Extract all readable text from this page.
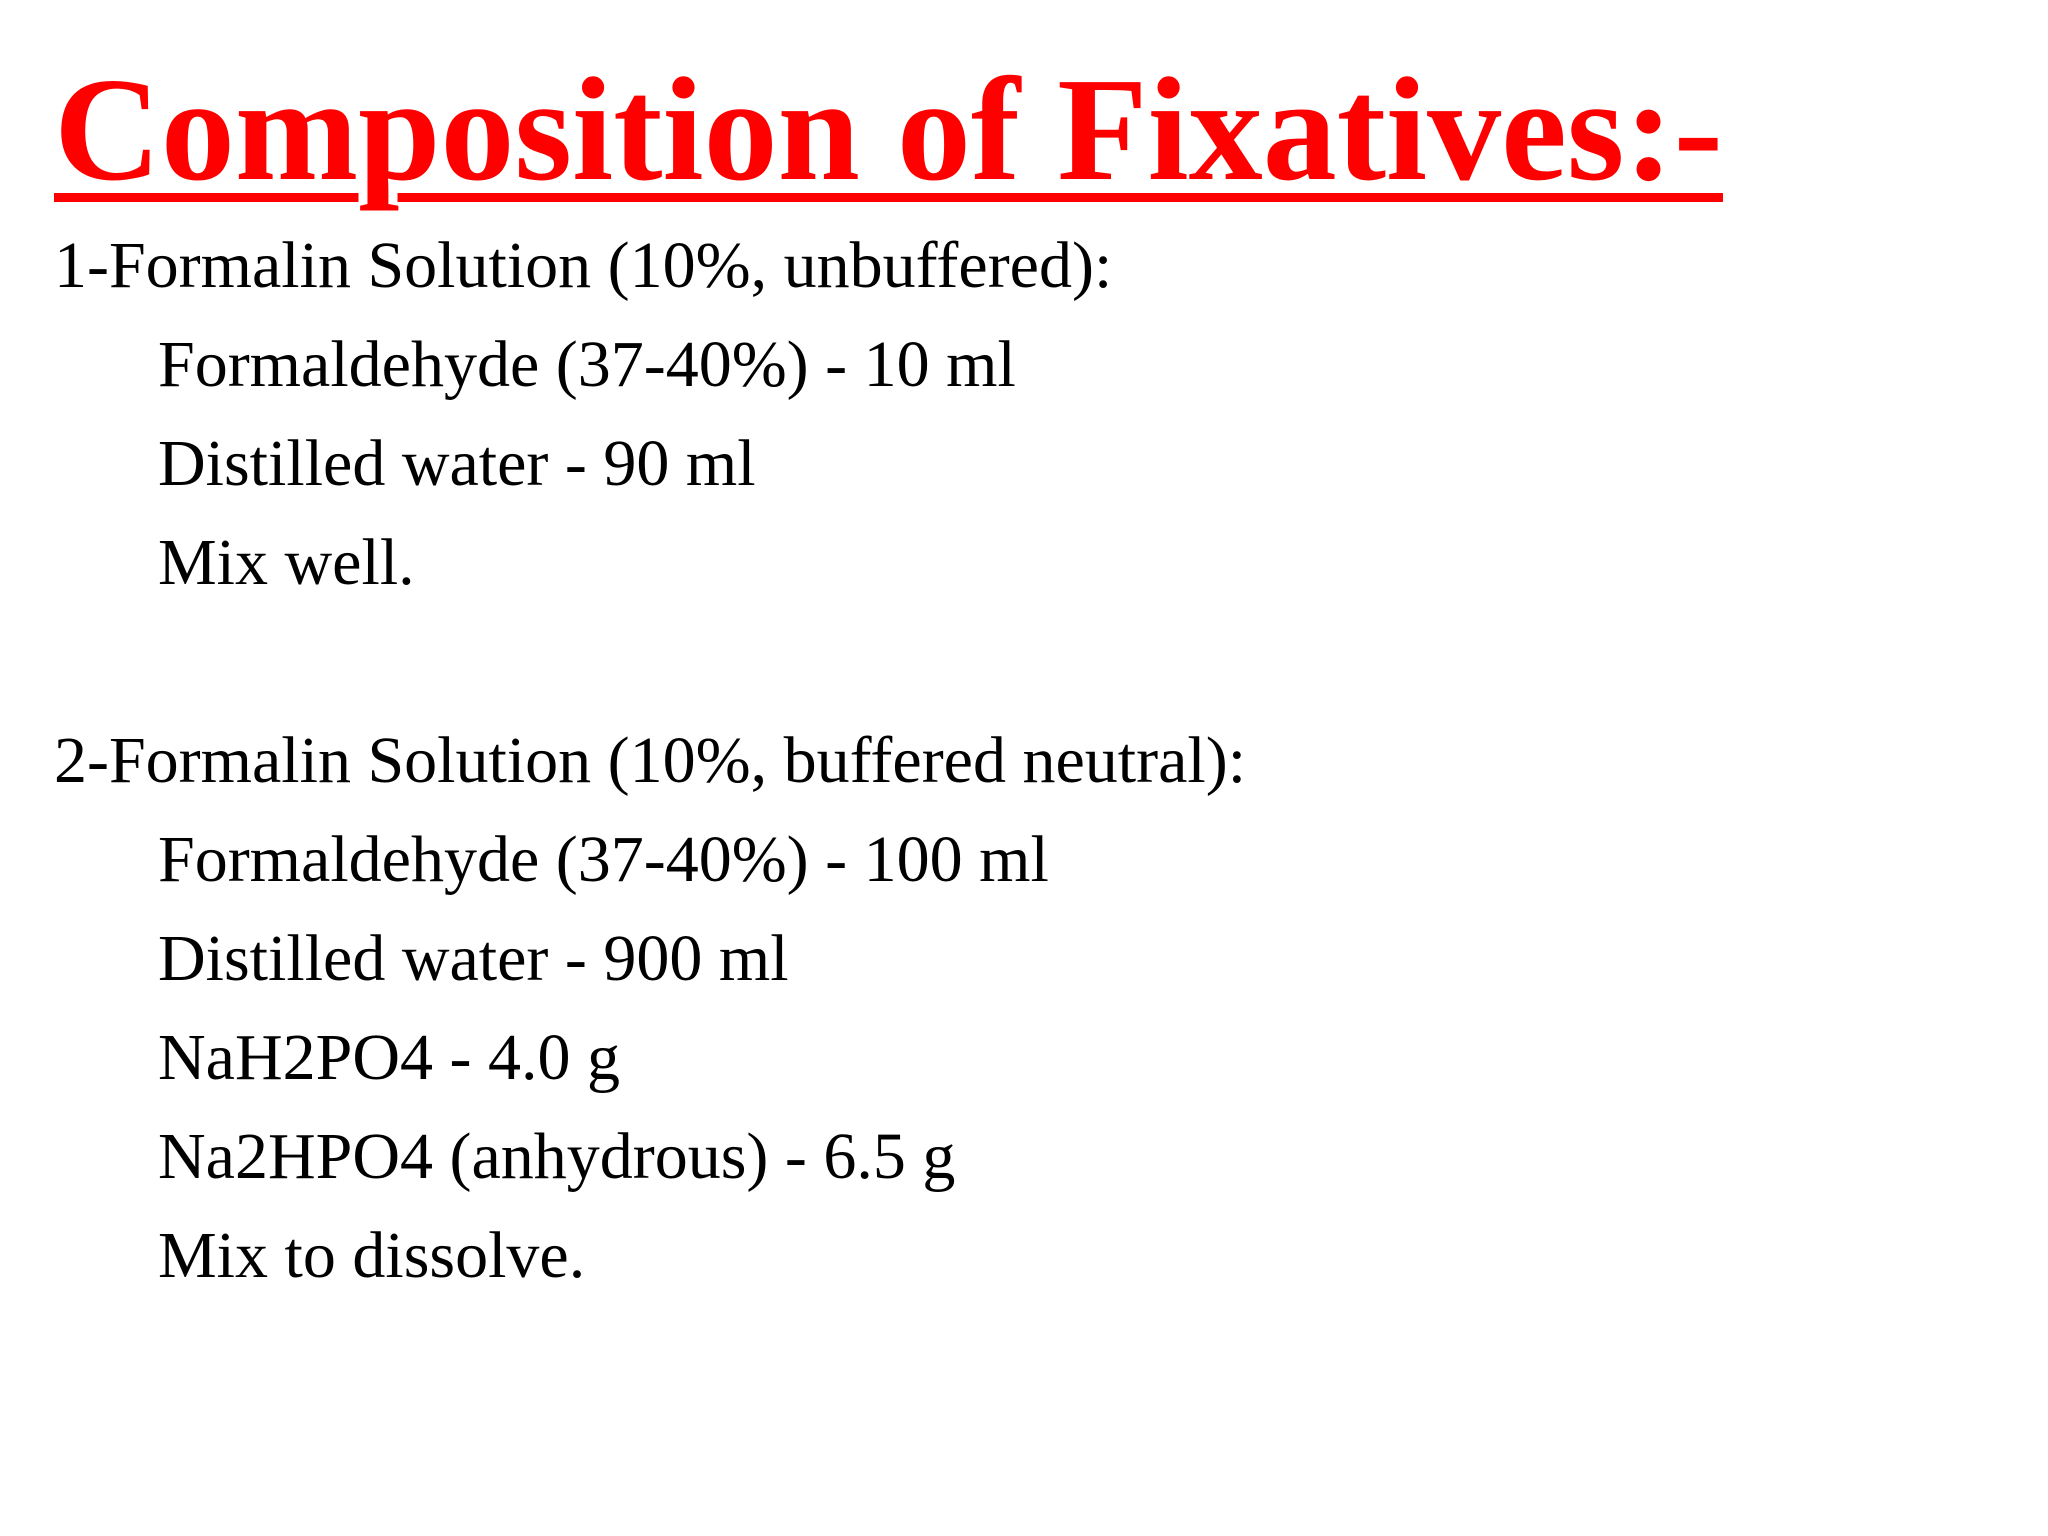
Composition of Fixatives:-
1-Formalin Solution (10%, unbuffered):
Formaldehyde (37-40%) - 10 ml
Distilled water - 90 ml
Mix well.
2-Formalin Solution (10%, buffered neutral):
Formaldehyde (37-40%) - 100 ml
Distilled water - 900 ml
NaH2PO4 - 4.0 g
Na2HPO4 (anhydrous) - 6.5 g
Mix to dissolve.
